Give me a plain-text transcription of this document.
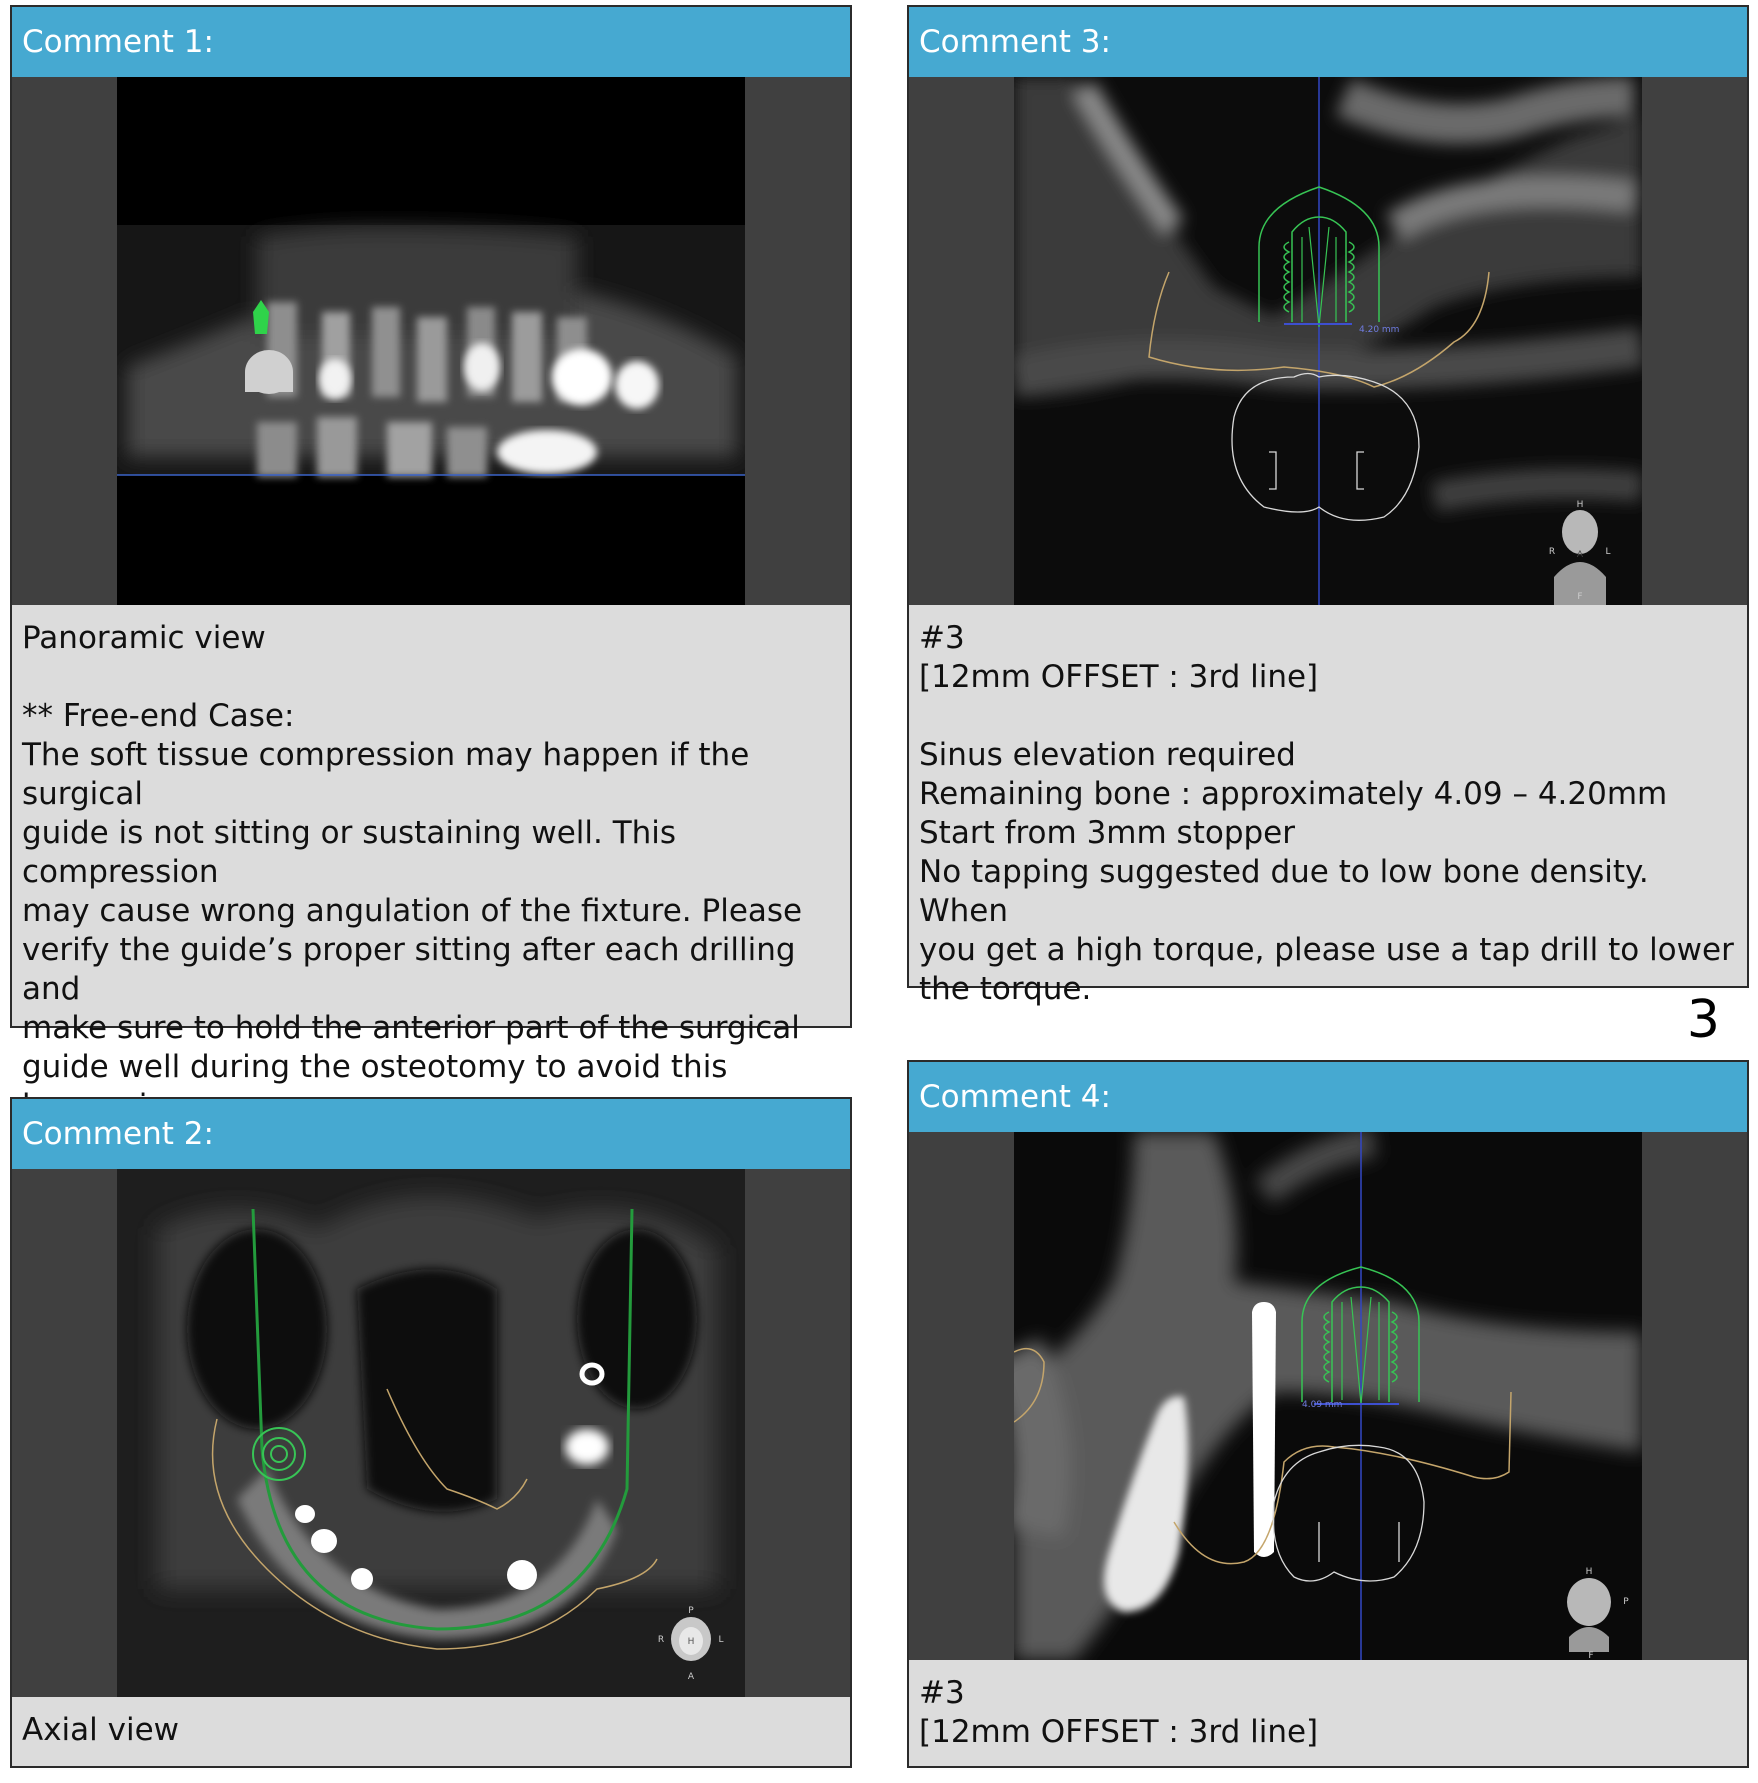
Comment 1:
Panoramic view
** Free-end Case:
The soft tissue compression may happen if the surgical
guide is not sitting or sustaining well. This compression
may cause wrong angulation of the fixture. Please
verify the guide’s proper sitting after each drilling and
make sure to hold the anterior part of the surgical
guide well during the osteotomy to avoid this
Comment 2:
P
R	H	L
A
Axial view
Comment 3:
4.20 mm
H
R A L
F
#3
[12mm OFFSET : 3rd line]
Sinus elevation required
Remaining bone : approximately 4.09 – 4.20mm
Start from 3mm stopper
No tapping suggested due to low bone density. When
you get a high torque, please use a tap drill to lower
the torque.
3
Comment 4:
4.09 mm
H
P
F
#3
[12mm OFFSET : 3rd line]
